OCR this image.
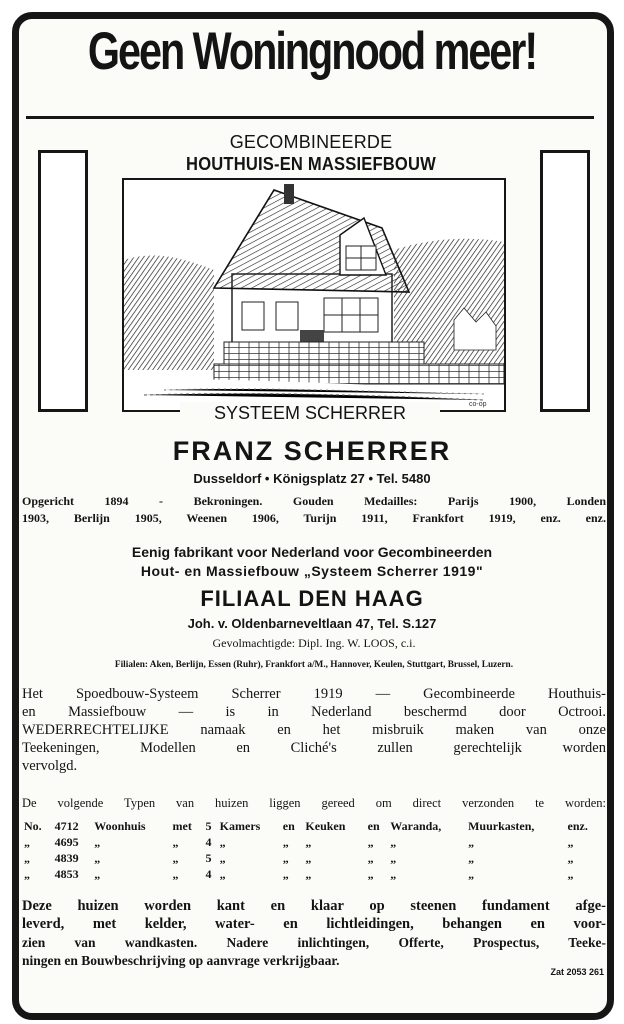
Geen Woningnood meer!
GECOMBINEERDE
HOUTHUIS-EN MASSIEFBOUW
co-op
SYSTEEM SCHERRER
FRANZ SCHERRER
Dusseldorf • Königsplatz 27 • Tel. 5480
Opgericht 1894 - Bekroningen. Gouden Medailles: Parijs 1900, Londen
1903, Berlijn 1905, Weenen 1906, Turijn 1911, Frankfort 1919, enz. enz.
Eenig fabrikant voor Nederland voor Gecombineerden
Hout- en Massiefbouw „Systeem Scherrer 1919"
FILIAAL DEN HAAG
Joh. v. Oldenbarneveltlaan 47, Tel. S.127
Gevolmachtigde: Dipl. Ing. W. LOOS, c.i.
Filialen: Aken, Berlijn, Essen (Ruhr), Frankfort a/M., Hannover, Keulen, Stuttgart, Brussel, Luzern.
Het Spoedbouw-Systeem Scherrer 1919 — Gecombineerde Houthuis-
en Massiefbouw — is in Nederland beschermd door Octrooi.
WEDERRECHTELIJKE namaak en het misbruik maken van onze
Teekeningen, Modellen en Cliché's zullen gerechtelijk worden
vervolgd.
De volgende Typen van huizen liggen gereed om direct verzonden te worden:
No.	4712	Woonhuis	met	5	Kamers	en	Keuken	en	Waranda,	Muurkasten,	enz.
„	4695	„	„	4	„	„	„	„	„	„	„
„	4839	„	„	5	„	„	„	„	„	„	„
„	4853	„	„	4	„	„	„	„	„	„	„
Deze huizen worden kant en klaar op steenen fundament afge-
leverd, met kelder, water- en lichtleidingen, behangen en voor-
zien van wandkasten. Nadere inlichtingen, Offerte, Prospectus, Teeke-
ningen en Bouwbeschrijving op aanvrage verkrijgbaar.
Zat 2053 261
